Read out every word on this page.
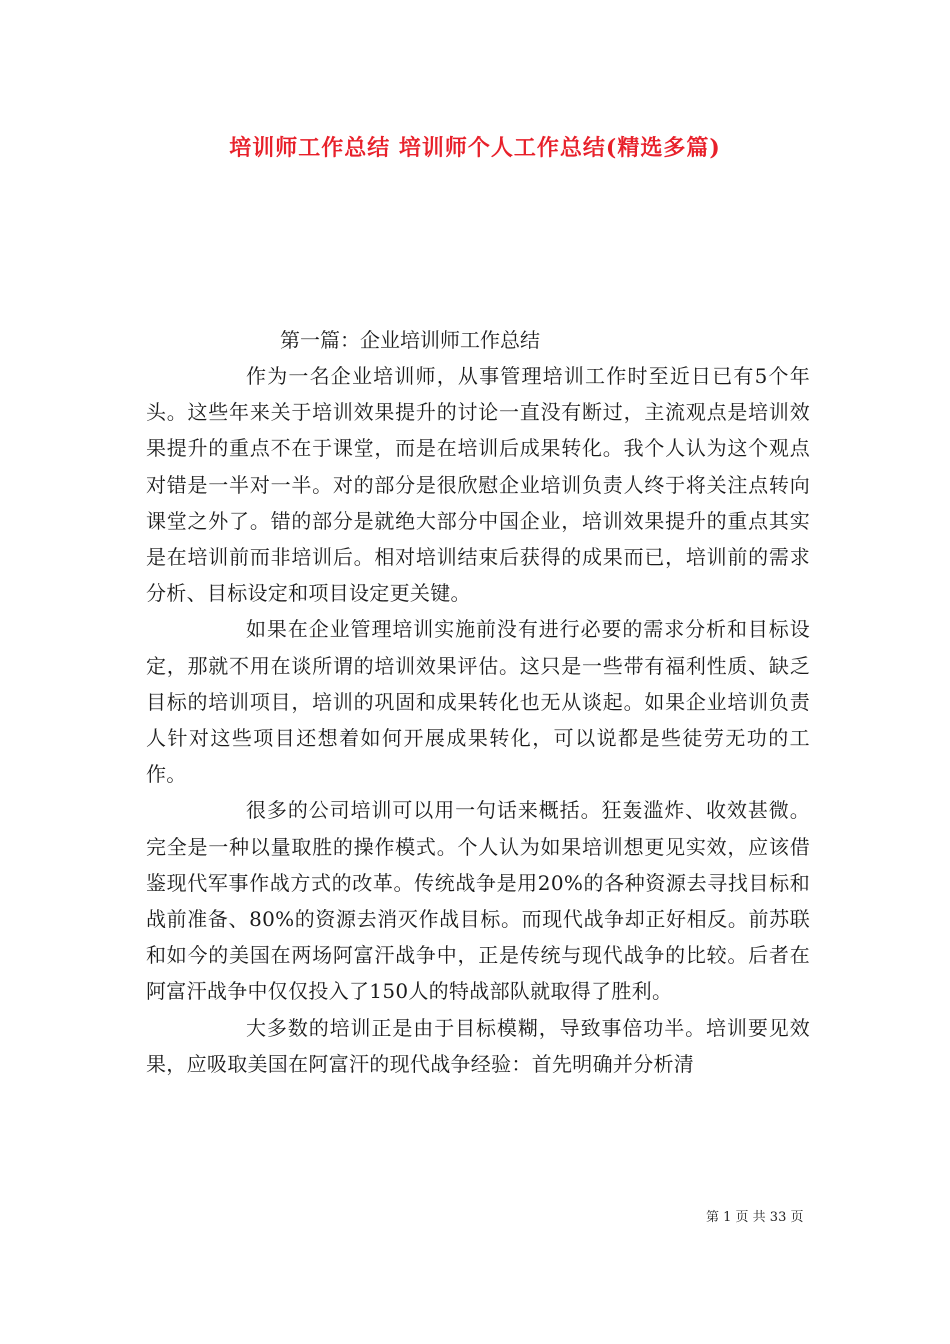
培训师工作总结 培训师个人工作总结(精选多篇)

第一篇：企业培训师工作总结

作为一名企业培训师，从事管理培训工作时至近日已有5个年头。这些年来关于培训效果提升的讨论一直没有断过，主流观点是培训效果提升的重点不在于课堂，而是在培训后成果转化。我个人认为这个观点对错是一半对一半。对的部分是很欣慰企业培训负责人终于将关注点转向课堂之外了。错的部分是就绝大部分中国企业，培训效果提升的重点其实是在培训前而非培训后。相对培训结束后获得的成果而已，培训前的需求分析、目标设定和项目设定更关键。

如果在企业管理培训实施前没有进行必要的需求分析和目标设定，那就不用在谈所谓的培训效果评估。这只是一些带有福利性质、缺乏目标的培训项目，培训的巩固和成果转化也无从谈起。如果企业培训负责人针对这些项目还想着如何开展成果转化，可以说都是些徒劳无功的工作。

很多的公司培训可以用一句话来概括。狂轰滥炸、收效甚微。完全是一种以量取胜的操作模式。个人认为如果培训想更见实效，应该借鉴现代军事作战方式的改革。传统战争是用20%的各种资源去寻找目标和战前准备、80%的资源去消灭作战目标。而现代战争却正好相反。前苏联和如今的美国在两场阿富汗战争中，正是传统与现代战争的比较。后者在阿富汗战争中仅仅投入了150人的特战部队就取得了胜利。

大多数的培训正是由于目标模糊，导致事倍功半。培训要见效果，应吸取美国在阿富汗的现代战争经验：首先明确并分析清

第 1 页 共 33 页
